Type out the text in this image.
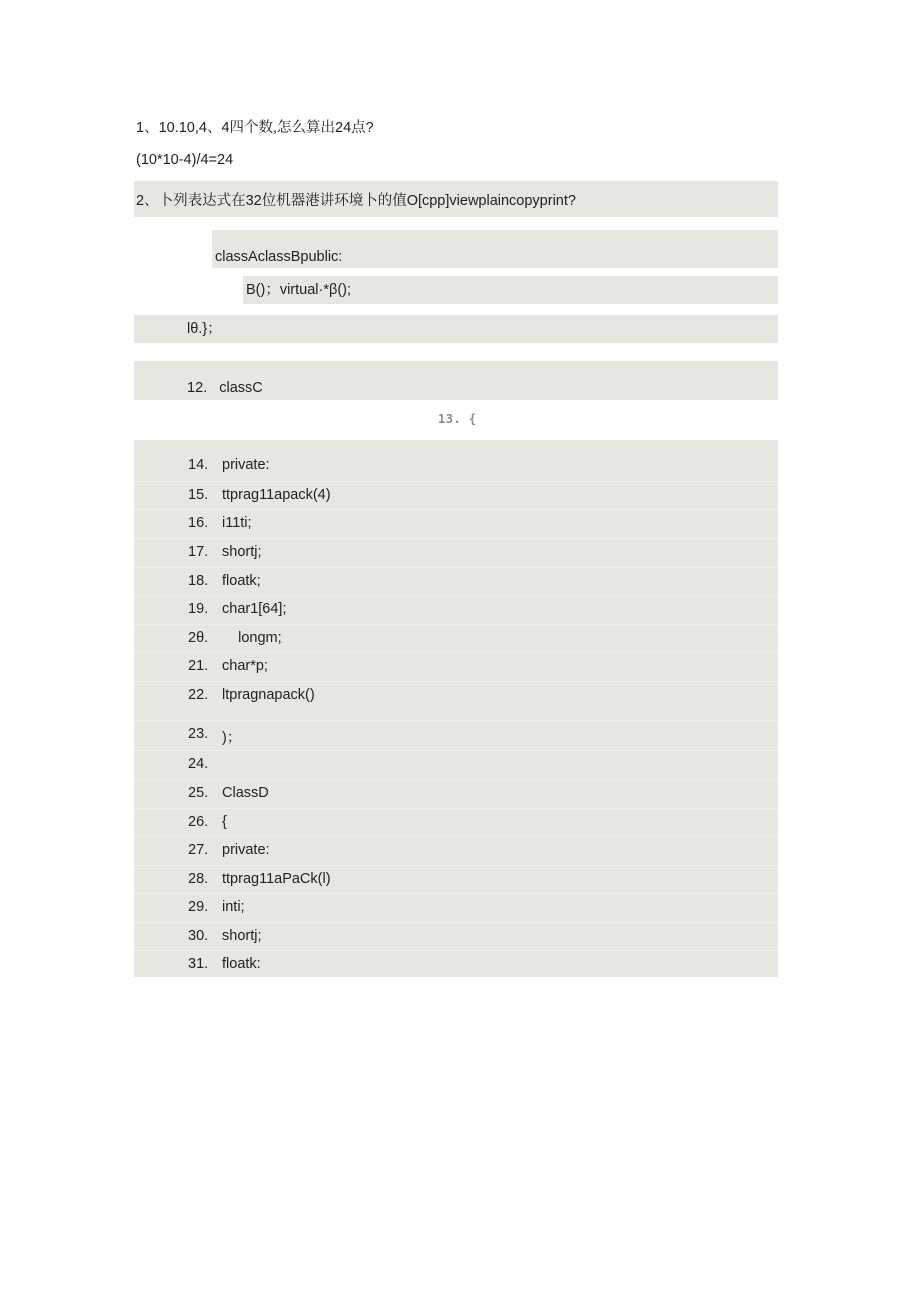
1、10.10,4、4四个数,怎么算出24点?
(10*10-4)/4=24
2、卜列表达式在32位机器港讲环境卜的值O[cpp]viewplaincopyprint?
classAclassBpublic:
B()；virtual·*β();
lθ.}；
12.   classC
13. {
14. private:
15. ttprag11apack(4)
16. i11ti;
17. shortj;
18. floatk;
19. char1[64];
2θ. longm;
21. char*p;
22. ltpragnapack()
23. )；
24.
25. ClassD
26. {
27. private:
28. ttprag11aPaCk(l)
29. inti;
30. shortj;
31. floatk:
